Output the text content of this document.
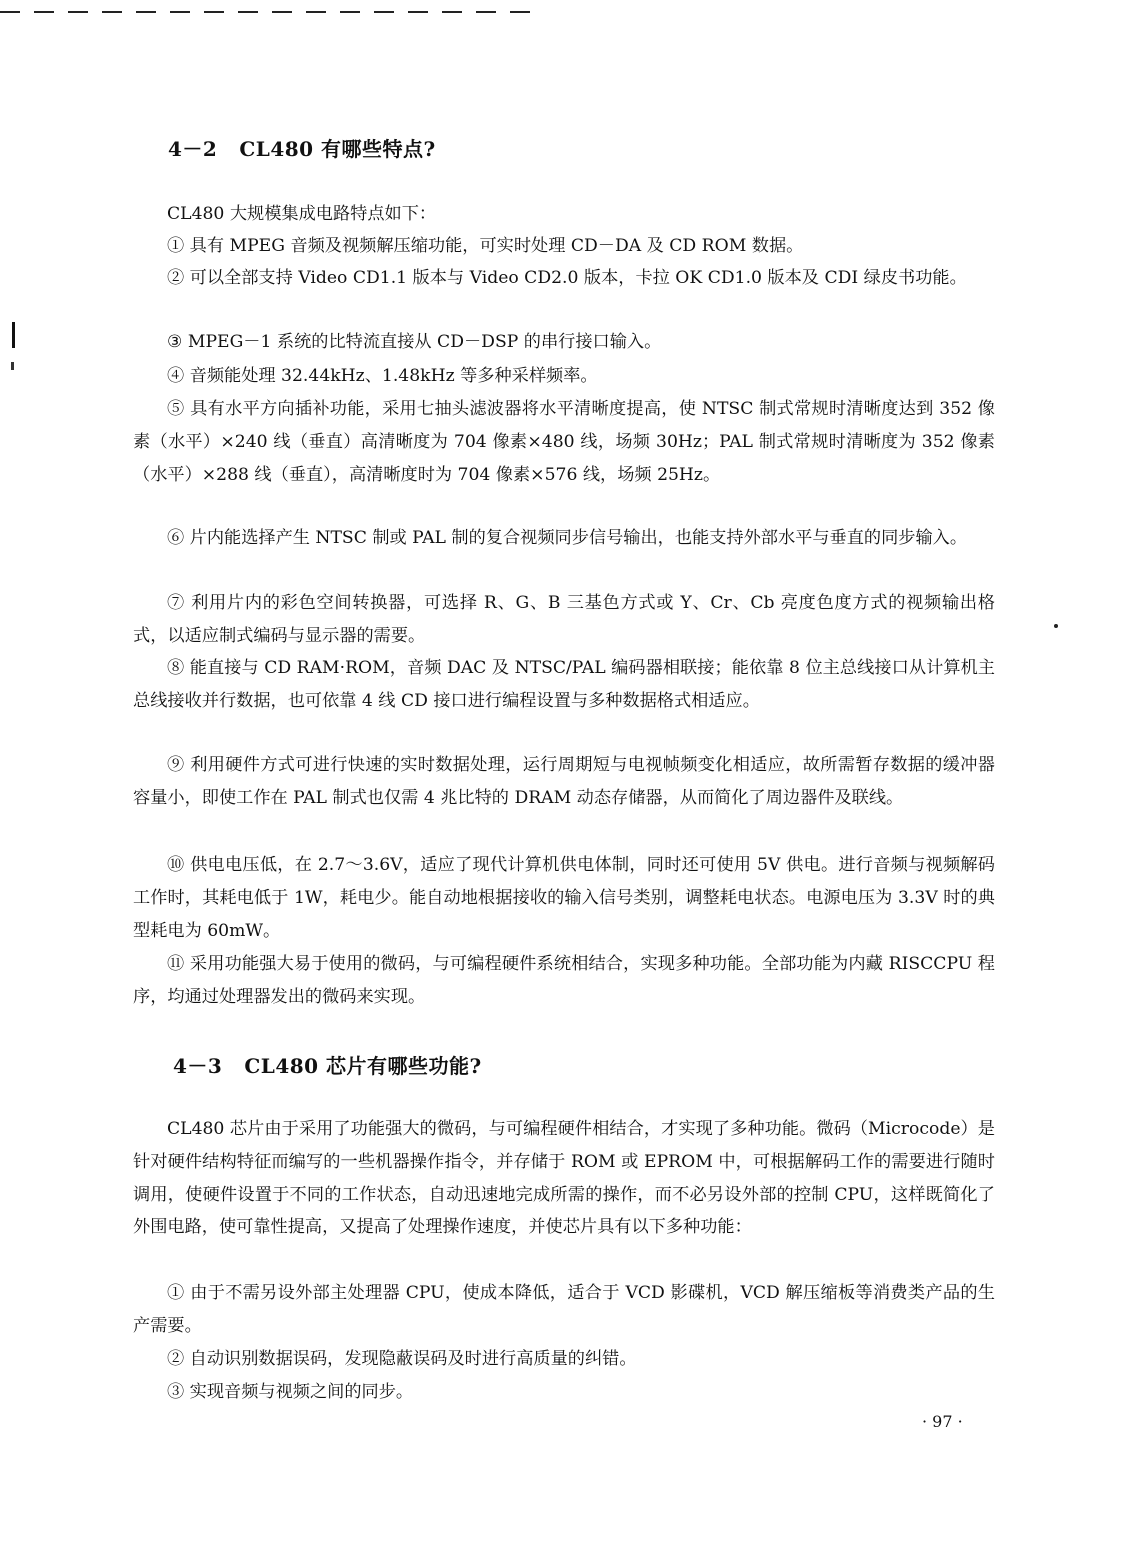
4－2 CL480 有哪些特点?
CL480 大规模集成电路特点如下：
① 具有 MPEG 音频及视频解压缩功能，可实时处理 CD－DA 及 CD ROM 数据。
② 可以全部支持 Video CD1.1 版本与 Video CD2.0 版本，卡拉 OK CD1.0 版本及 CDI 绿皮书功能。
③ MPEG－1 系统的比特流直接从 CD－DSP 的串行接口输入。
④ 音频能处理 32.44kHz、1.48kHz 等多种采样频率。
⑤ 具有水平方向插补功能，采用七抽头滤波器将水平清晰度提高，使 NTSC 制式常规时清晰度达到 352 像素（水平）×240 线（垂直）高清晰度为 704 像素×480 线，场频 30Hz；PAL 制式常规时清晰度为 352 像素（水平）×288 线（垂直），高清晰度时为 704 像素×576 线，场频 25Hz。
⑥ 片内能选择产生 NTSC 制或 PAL 制的复合视频同步信号输出，也能支持外部水平与垂直的同步输入。
⑦ 利用片内的彩色空间转换器，可选择 R、G、B 三基色方式或 Y、Cr、Cb 亮度色度方式的视频输出格式，以适应制式编码与显示器的需要。
⑧ 能直接与 CD RAM·ROM，音频 DAC 及 NTSC/PAL 编码器相联接；能依靠 8 位主总线接口从计算机主总线接收并行数据，也可依靠 4 线 CD 接口进行编程设置与多种数据格式相适应。
⑨ 利用硬件方式可进行快速的实时数据处理，运行周期短与电视帧频变化相适应，故所需暂存数据的缓冲器容量小，即使工作在 PAL 制式也仅需 4 兆比特的 DRAM 动态存储器，从而简化了周边器件及联线。
⑩ 供电电压低，在 2.7～3.6V，适应了现代计算机供电体制，同时还可使用 5V 供电。进行音频与视频解码工作时，其耗电低于 1W，耗电少。能自动地根据接收的输入信号类别，调整耗电状态。电源电压为 3.3V 时的典型耗电为 60mW。
⑪ 采用功能强大易于使用的微码，与可编程硬件系统相结合，实现多种功能。全部功能为内藏 RISCCPU 程序，均通过处理器发出的微码来实现。
4－3 CL480 芯片有哪些功能?
CL480 芯片由于采用了功能强大的微码，与可编程硬件相结合，才实现了多种功能。微码（Microcode）是针对硬件结构特征而编写的一些机器操作指令，并存储于 ROM 或 EPROM 中，可根据解码工作的需要进行随时调用，使硬件设置于不同的工作状态，自动迅速地完成所需的操作，而不必另设外部的控制 CPU，这样既简化了外围电路，使可靠性提高，又提高了处理操作速度，并使芯片具有以下多种功能：
① 由于不需另设外部主处理器 CPU，使成本降低，适合于 VCD 影碟机，VCD 解压缩板等消费类产品的生产需要。
② 自动识别数据误码，发现隐蔽误码及时进行高质量的纠错。
③ 实现音频与视频之间的同步。
· 97 ·
